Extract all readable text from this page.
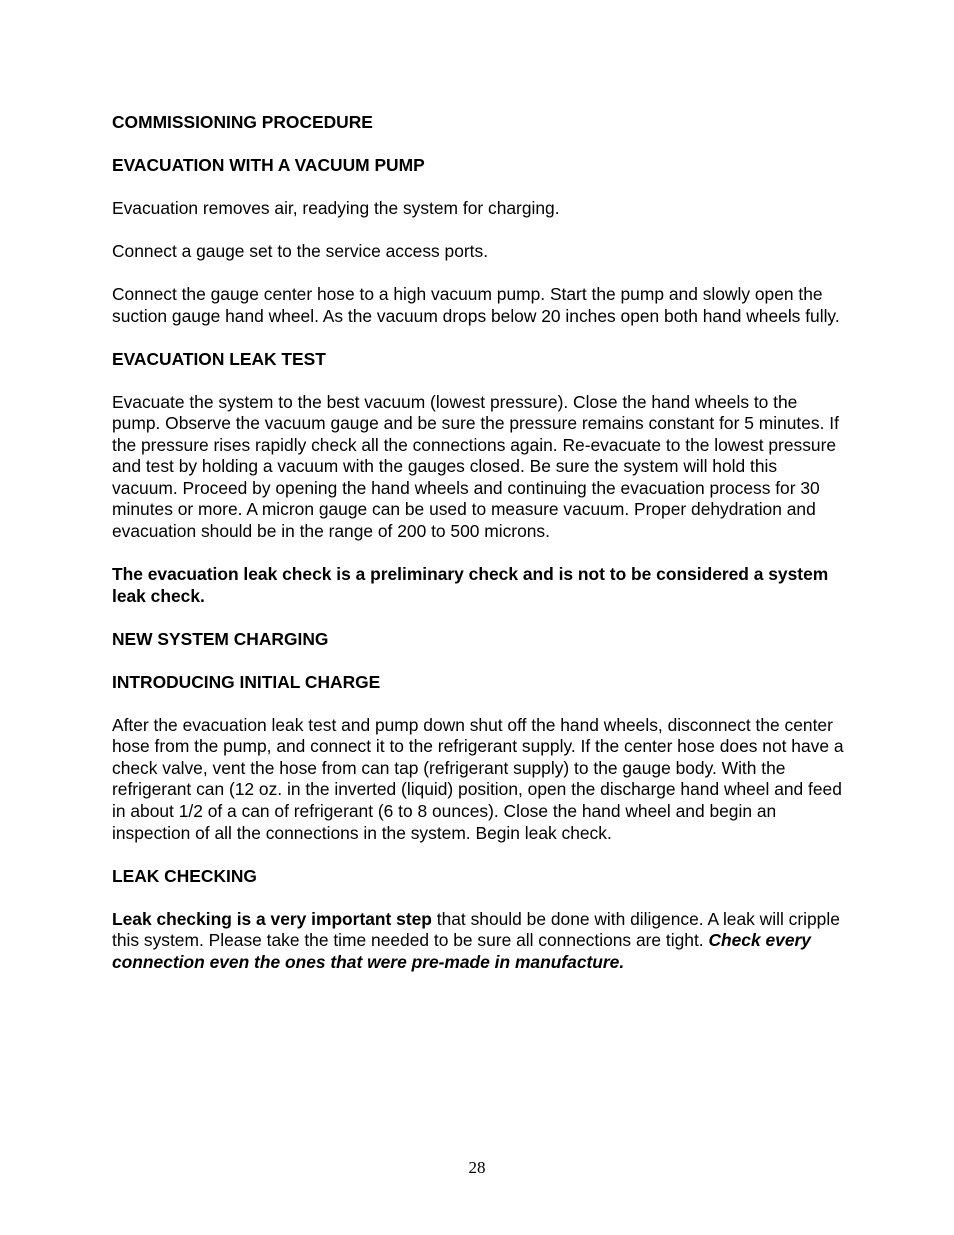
COMMISSIONING PROCEDURE

EVACUATION WITH A VACUUM PUMP

Evacuation removes air, readying the system for charging.

Connect a gauge set to the service access ports.

Connect the gauge center hose to a high vacuum pump. Start the pump and slowly open the suction gauge hand wheel. As the vacuum drops below 20 inches open both hand wheels fully.

EVACUATION LEAK TEST

Evacuate the system to the best vacuum (lowest pressure). Close the hand wheels to the pump. Observe the vacuum gauge and be sure the pressure remains constant for 5 minutes. If the pressure rises rapidly check all the connections again. Re-evacuate to the lowest pressure and test by holding a vacuum with the gauges closed. Be sure the system will hold this vacuum. Proceed by opening the hand wheels and continuing the evacuation process for 30 minutes or more. A micron gauge can be used to measure vacuum. Proper dehydration and evacuation should be in the range of 200 to 500 microns.

The evacuation leak check is a preliminary check and is not to be considered a system leak check.

NEW SYSTEM CHARGING

INTRODUCING INITIAL CHARGE

After the evacuation leak test and pump down shut off the hand wheels, disconnect the center hose from the pump, and connect it to the refrigerant supply. If the center hose does not have a check valve, vent the hose from can tap (refrigerant supply) to the gauge body. With the refrigerant can (12 oz. in the inverted (liquid) position, open the discharge hand wheel and feed in about 1/2 of a can of refrigerant (6 to 8 ounces). Close the hand wheel and begin an inspection of all the connections in the system. Begin leak check.

LEAK CHECKING

Leak checking is a very important step that should be done with diligence. A leak will cripple this system. Please take the time needed to be sure all connections are tight. Check every connection even the ones that were pre-made in manufacture.

28
